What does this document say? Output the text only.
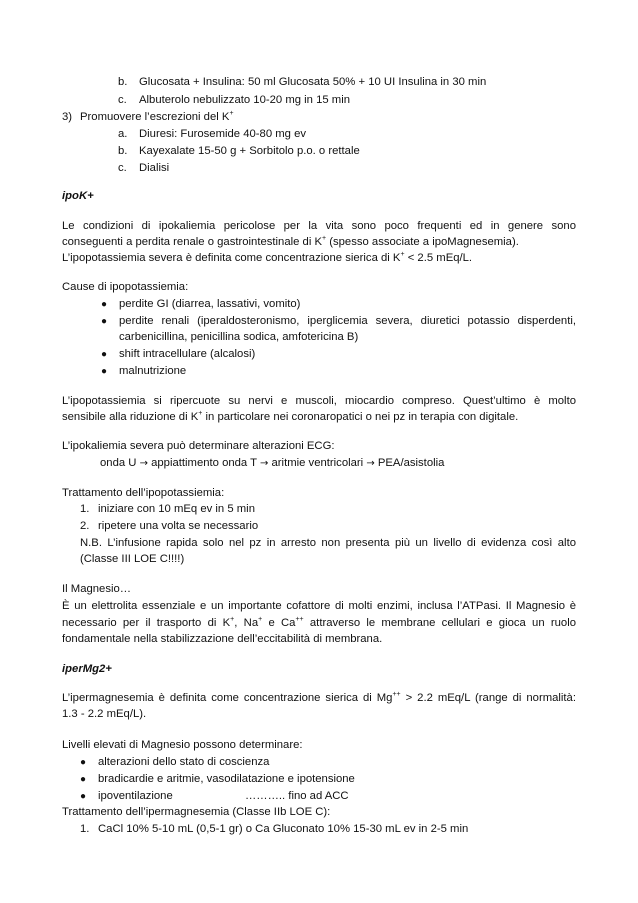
b. Glucosata + Insulina: 50 ml Glucosata 50% + 10 UI Insulina in 30 min
c. Albuterolo nebulizzato 10-20 mg in 15 min
3) Promuovere l’escrezioni del K+
a. Diuresi: Furosemide 40-80 mg ev
b. Kayexalate 15-50 g + Sorbitolo p.o. o rettale
c. Dialisi
ipoK+
Le condizioni di ipokaliemia pericolose per la vita sono poco frequenti ed in genere sono
conseguenti a perdita renale o gastrointestinale di K+ (spesso associate a ipoMagnesemia).
L’ipopotassiemia severa è definita come concentrazione sierica di K+ < 2.5 mEq/L.
Cause di ipopotassiemia:
● perdite GI (diarrea, lassativi, vomito)
● perdite renali (iperaldosteronismo, iperglicemia severa, diuretici potassio disperdenti,
carbenicillina, penicillina sodica, amfotericina B)
● shift intracellulare (alcalosi)
● malnutrizione
L’ipopotassiemia si ripercuote su nervi e muscoli, miocardio compreso. Quest’ultimo è molto
sensibile alla riduzione di K+ in particolare nei coronaropatici o nei pz in terapia con digitale.
L’ipokaliemia severa può determinare alterazioni ECG:
onda U → appiattimento onda T → aritmie ventricolari → PEA/asistolia
Trattamento dell’ipopotassiemia:
1. iniziare con 10 mEq ev in 5 min
2. ripetere una volta se necessario
N.B. L’infusione rapida solo nel pz in arresto non presenta più un livello di evidenza così alto
(Classe III LOE C!!!!)
Il Magnesio…
È un elettrolita essenziale e un importante cofattore di molti enzimi, inclusa l’ATPasi. Il Magnesio è
necessario per il trasporto di K+, Na+ e Ca++ attraverso le membrane cellulari e gioca un ruolo
fondamentale nella stabilizzazione dell’eccitabilità di membrana.
iperMg2+
L’ipermagnesemia è definita come concentrazione sierica di Mg++ > 2.2 mEq/L (range di normalità:
1.3 - 2.2 mEq/L).
Livelli elevati di Magnesio possono determinare:
● alterazioni dello stato di coscienza
● bradicardie e aritmie, vasodilatazione e ipotensione
● ipoventilazione	……….. fino ad ACC
Trattamento dell’ipermagnesemia (Classe IIb LOE C):
1. CaCl 10% 5-10 mL (0,5-1 gr) o Ca Gluconato 10% 15-30 mL ev in 2-5 min
